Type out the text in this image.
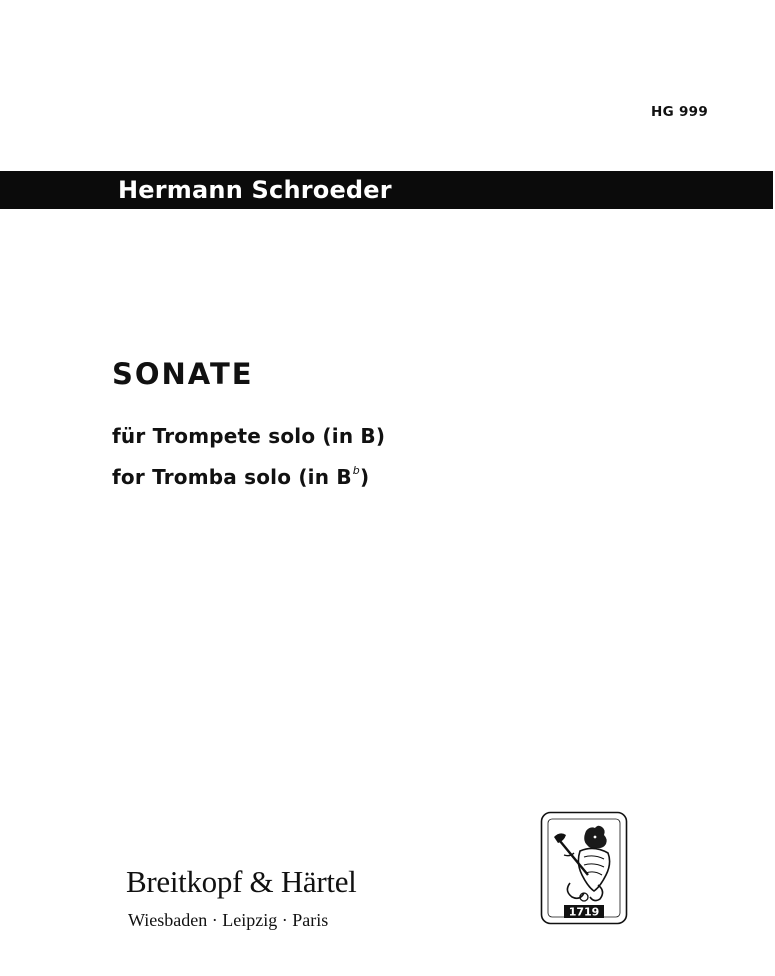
HG 999
Hermann Schroeder
SONATE
für Trompete solo (in B)
for Tromba solo (in $B^b$)
Breitkopf & Härtel
Wiesbaden · Leipzig · Paris	1719
